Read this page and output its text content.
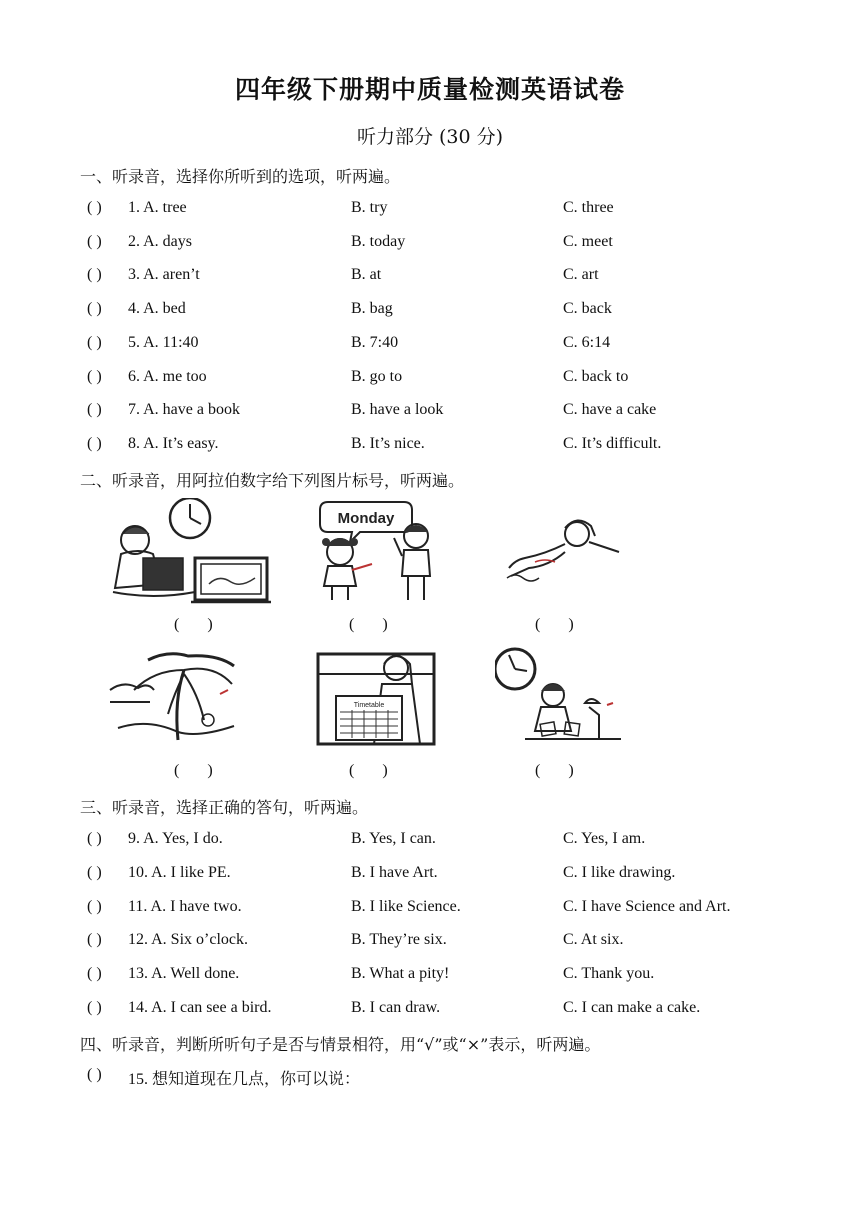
四年级下册期中质量检测英语试卷
听力部分 (30 分)
一、听录音，选择你所听到的选项，听两遍。
( ) 1. A. tree	B. try	C. three
( ) 2. A. days	B. today	C. meet
( ) 3. A. aren’t	B. at	C. art
( ) 4. A. bed	B. bag	C. back
( ) 5. A. 11:40	B. 7:40	C. 6:14
( ) 6. A. me too	B. go to	C. back to
( ) 7. A. have a book	B. have a look	C. have a cake
( ) 8. A. It’s easy.	B. It’s nice.	C. It’s difficult.
二、听录音，用阿拉伯数字给下列图片标号，听两遍。
Monday
(       )	(       )	(       )
Timetable
(       )	(       )	(       )
三、听录音，选择正确的答句，听两遍。
( ) 9. A. Yes, I do.	B. Yes, I can.	C. Yes, I am.
( ) 10. A. I like PE.	B. I have Art.	C. I like drawing.
( ) 11. A. I have two.	B. I like Science.	C. I have Science and Art.
( ) 12. A. Six o’clock.	B. They’re six.	C. At six.
( ) 13. A. Well done.	B. What a pity!	C. Thank you.
( ) 14. A. I can see a bird.	B. I can draw.	C. I can make a cake.
四、听录音，判断所听句子是否与情景相符，用“√”或“×”表示，听两遍。
( ) 15. 想知道现在几点，你可以说：
